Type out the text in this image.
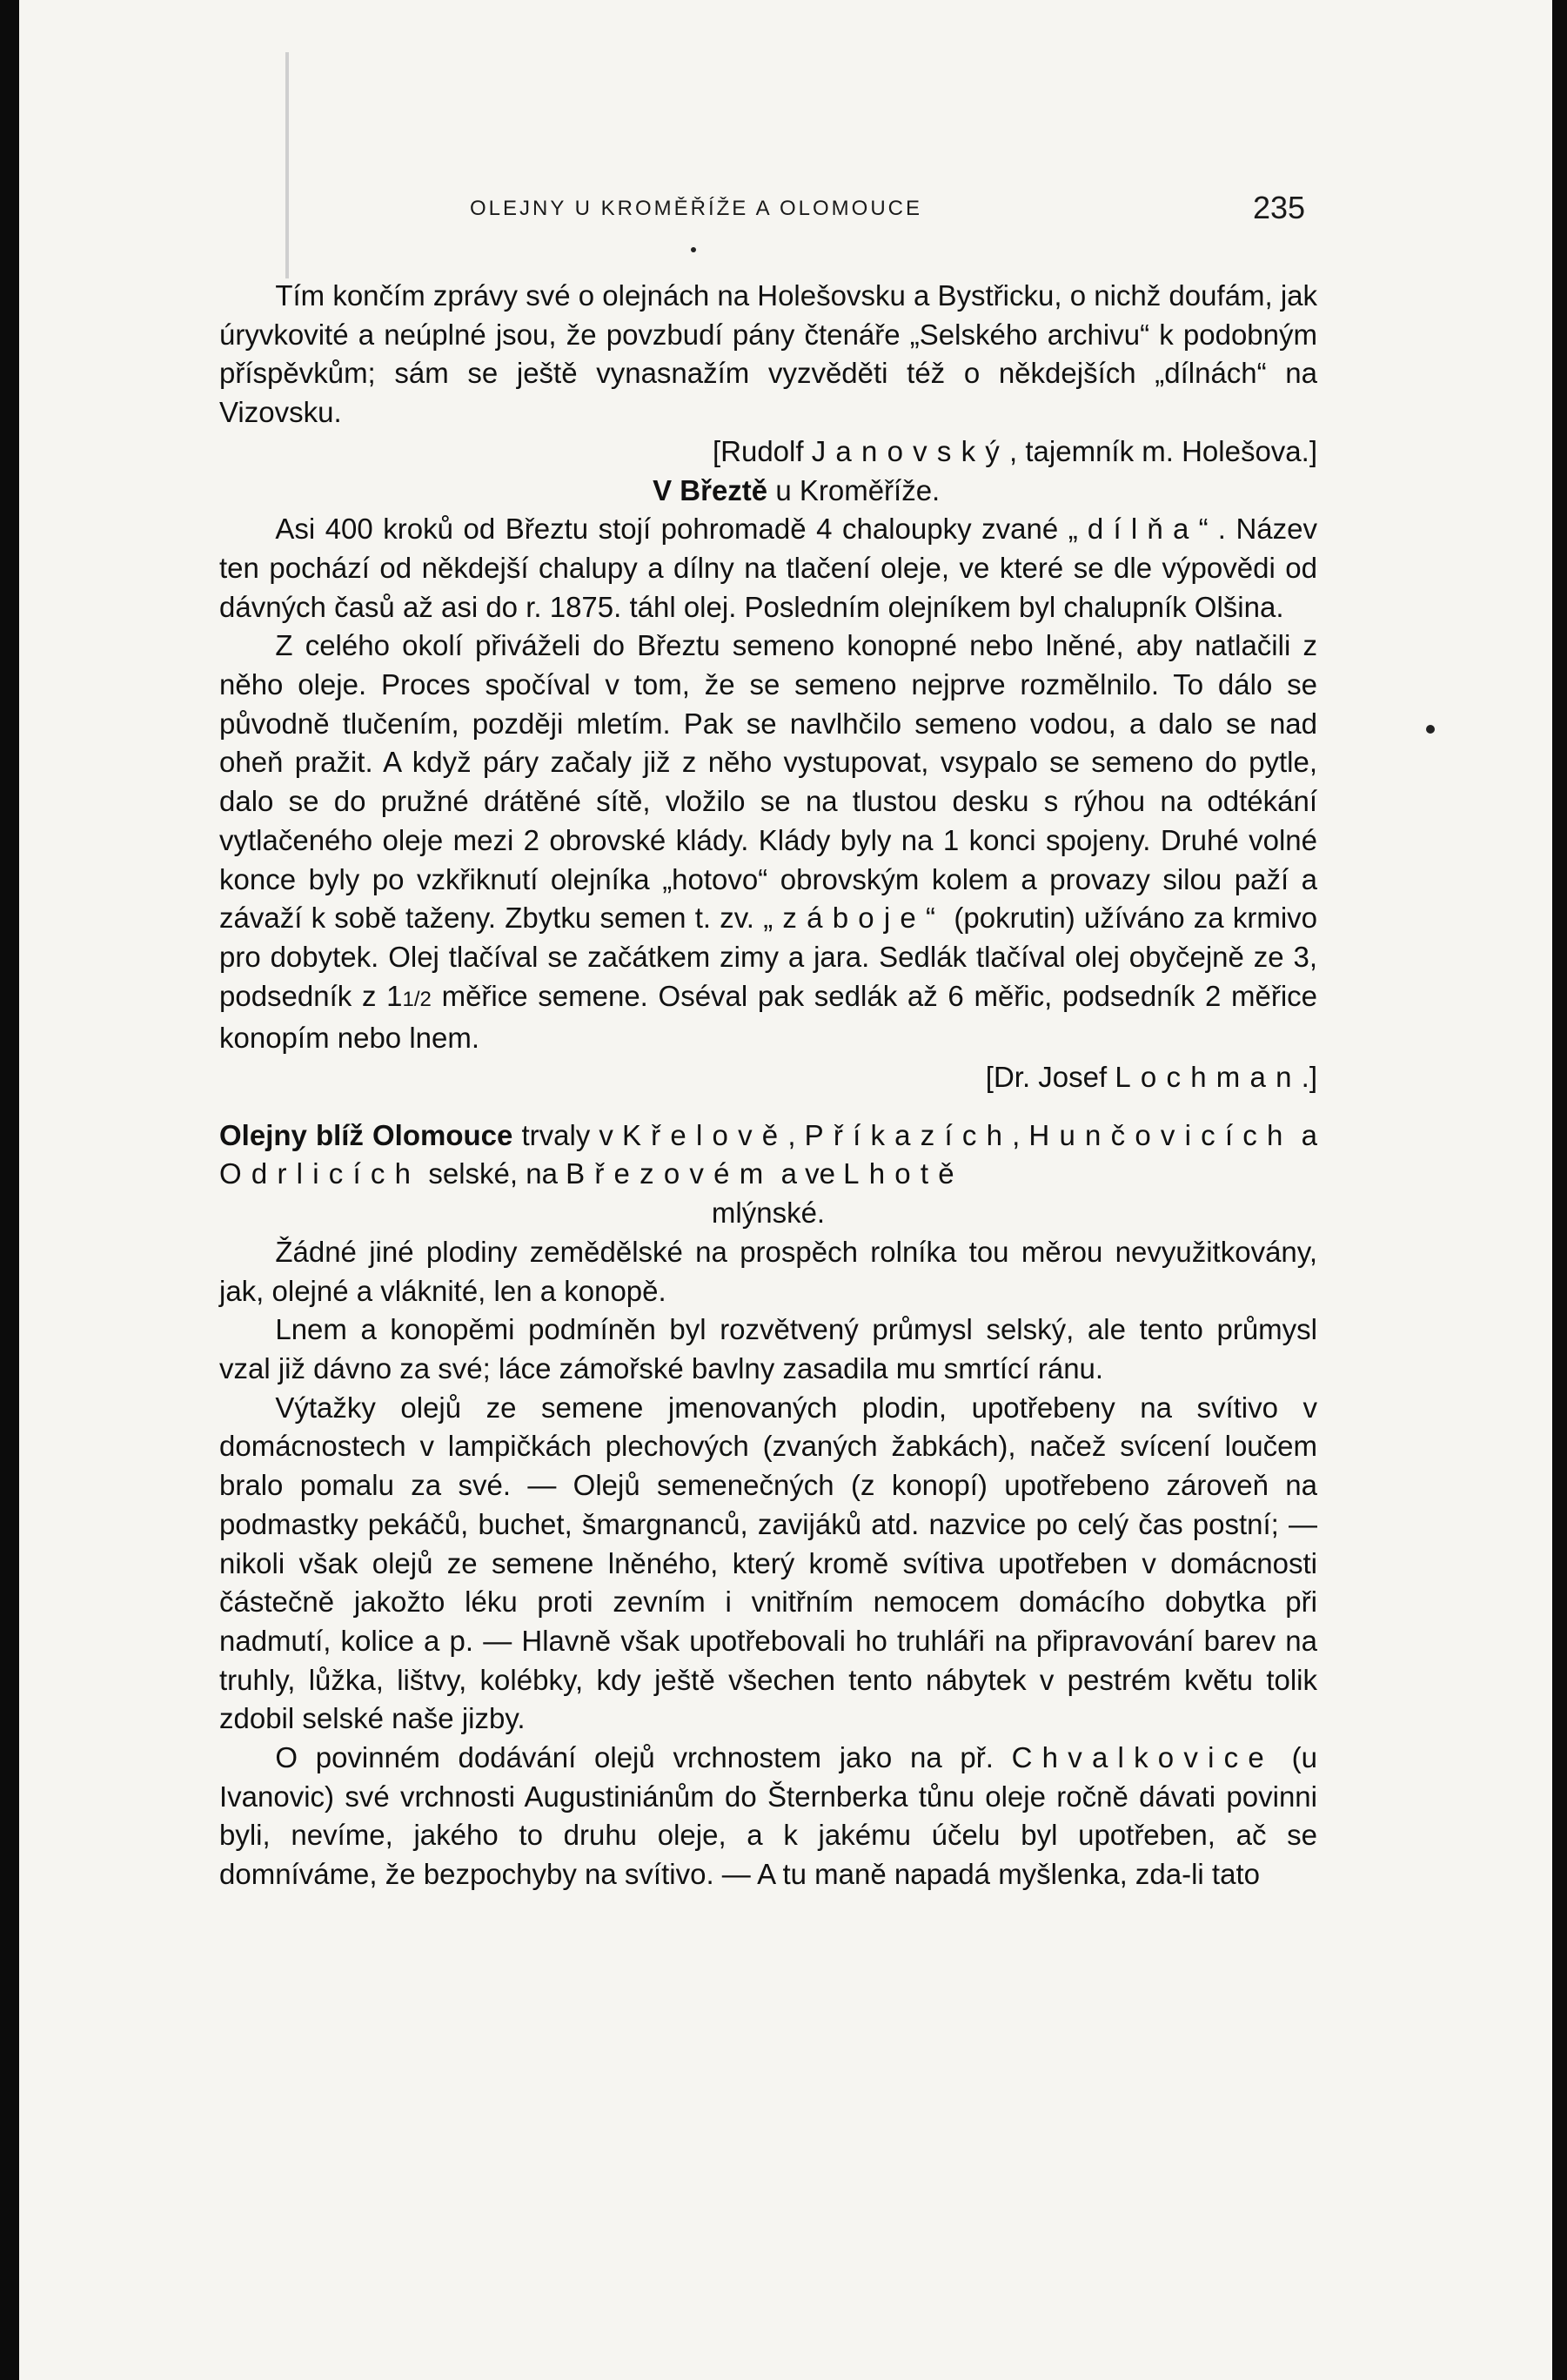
OLEJNY U KROMĚŘÍŽE A OLOMOUCE	235

Tím končím zprávy své o olejnách na Holešovsku a Bystřicku, o nichž doufám, jak úryvkovité a neúplné jsou, že povzbudí pány čtenáře „Selského archivu“ k podobným příspěvkům; sám se ještě vynasnažím vyzvěděti též o někdejších „dílnách“ na Vizovsku.
[Rudolf Janovský, tajemník m. Holešova.]

V Březtě u Kroměříže.

Asi 400 kroků od Březtu stojí pohromadě 4 chaloupky zvané „dílňa“. Název ten pochází od někdejší chalupy a dílny na tlačení oleje, ve které se dle výpovědi od dávných časů až asi do r. 1875. táhl olej. Posledním olejníkem byl chalupník Olšina.

Z celého okolí přiváželi do Březtu semeno konopné nebo lněné, aby natlačili z něho oleje. Proces spočíval v tom, že se semeno nejprve rozmělnilo. To dálo se původně tlučením, později mletím. Pak se navlhčilo semeno vodou, a dalo se nad oheň pražit. A když páry začaly již z něho vystupovat, vsypalo se semeno do pytle, dalo se do pružné drátěné sítě, vložilo se na tlustou desku s rýhou na odtékání vytlačeného oleje mezi 2 obrovské klády. Klády byly na 1 konci spojeny. Druhé volné konce byly po vzkřiknutí olejníka „hotovo“ obrovským kolem a provazy silou paží a závaží k sobě taženy. Zbytku semen t. zv. „záboje“ (pokrutin) užíváno za krmivo pro dobytek. Olej tlačíval se začátkem zimy a jara. Sedlák tlačíval olej obyčejně ze 3, podsedník z 11/2 měřice semene. Oséval pak sedlák až 6 měřic, podsedník 2 měřice konopím nebo lnem.
[Dr. Josef Lochman.]

Olejny blíž Olomouce trvaly v Křelově, Příkazích, Hunčovicích a Odrlicích selské, na Březovém a ve Lhotě
mlýnské.

Žádné jiné plodiny zemědělské na prospěch rolníka tou měrou nevyužitkovány, jak, olejné a vláknité, len a konopě.

Lnem a konopěmi podmíněn byl rozvětvený průmysl selský, ale tento průmysl vzal již dávno za své; láce zámořské bavlny zasadila mu smrtící ránu.

Výtažky olejů ze semene jmenovaných plodin, upotřebeny na svítivo v domácnostech v lampičkách plechových (zvaných žabkách), načež svícení loučem bralo pomalu za své. — Olejů semenečných (z konopí) upotřebeno zároveň na podmastky pekáčů, buchet, šmargnanců, zavijáků atd. nazvice po celý čas postní; — nikoli však olejů ze semene lněného, který kromě svítiva upotřeben v domácnosti částečně jakožto léku proti zevním i vnitřním nemocem domácího dobytka při nadmutí, kolice a p. — Hlavně však upotřebovali ho truhláři na připravování barev na truhly, lůžka, lištvy, kolébky, kdy ještě všechen tento nábytek v pestrém květu tolik zdobil selské naše jizby.

O povinném dodávání olejů vrchnostem jako na př. Chvalkovice (u Ivanovic) své vrchnosti Augustiniánům do Šternberka tůnu oleje ročně dávati povinni byli, nevíme, jakého to druhu oleje, a k jakému účelu byl upotřeben, ač se domníváme, že bezpochyby na svítivo. — A tu maně napadá myšlenka, zda-li tato
